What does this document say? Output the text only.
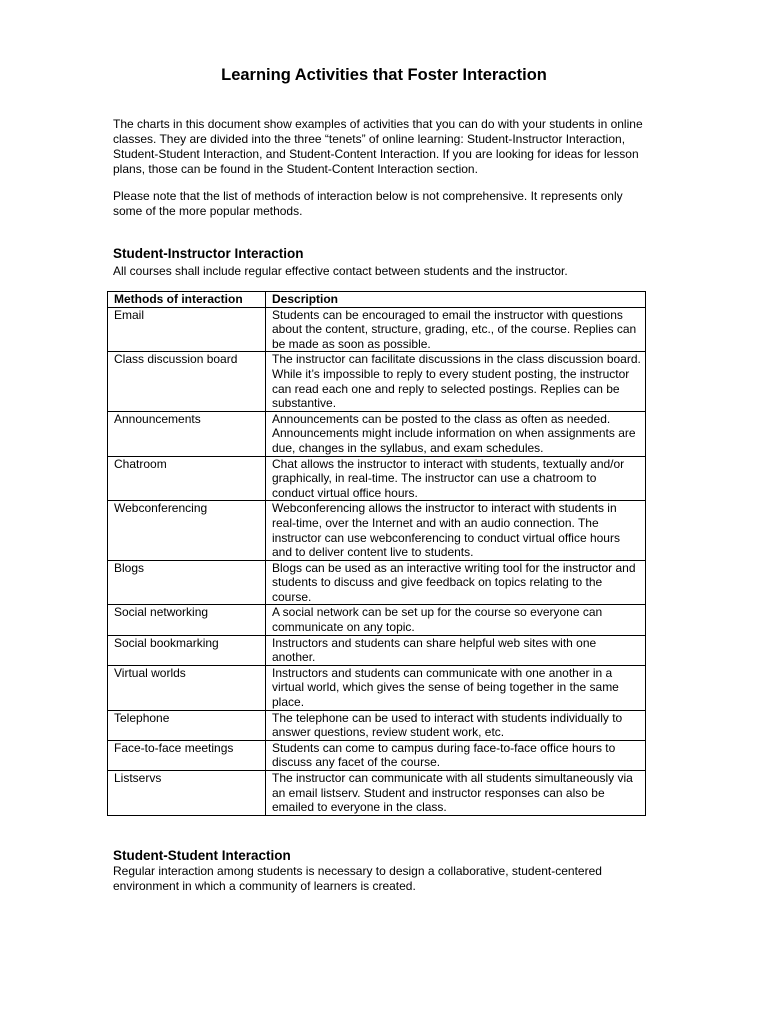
Learning Activities that Foster Interaction

The charts in this document show examples of activities that you can do with your students in online classes. They are divided into the three “tenets” of online learning: Student-Instructor Interaction, Student-Student Interaction, and Student-Content Interaction. If you are looking for ideas for lesson plans, those can be found in the Student-Content Interaction section.

Please note that the list of methods of interaction below is not comprehensive. It represents only some of the more popular methods.

Student-Instructor Interaction

All courses shall include regular effective contact between students and the instructor.

Methods of interaction	Description
Email	Students can be encouraged to email the instructor with questions about the content, structure, grading, etc., of the course. Replies can be made as soon as possible.
Class discussion board	The instructor can facilitate discussions in the class discussion board. While it’s impossible to reply to every student posting, the instructor can read each one and reply to selected postings. Replies can be substantive.
Announcements	Announcements can be posted to the class as often as needed. Announcements might include information on when assignments are due, changes in the syllabus, and exam schedules.
Chatroom	Chat allows the instructor to interact with students, textually and/or graphically, in real-time. The instructor can use a chatroom to conduct virtual office hours.
Webconferencing	Webconferencing allows the instructor to interact with students in real-time, over the Internet and with an audio connection. The instructor can use webconferencing to conduct virtual office hours and to deliver content live to students.
Blogs	Blogs can be used as an interactive writing tool for the instructor and students to discuss and give feedback on topics relating to the course.
Social networking	A social network can be set up for the course so everyone can communicate on any topic.
Social bookmarking	Instructors and students can share helpful web sites with one another.
Virtual worlds	Instructors and students can communicate with one another in a virtual world, which gives the sense of being together in the same place.
Telephone	The telephone can be used to interact with students individually to answer questions, review student work, etc.
Face-to-face meetings	Students can come to campus during face-to-face office hours to discuss any facet of the course.
Listservs	The instructor can communicate with all students simultaneously via an email listserv. Student and instructor responses can also be emailed to everyone in the class.
Student-Student Interaction

Regular interaction among students is necessary to design a collaborative, student-centered environment in which a community of learners is created.
